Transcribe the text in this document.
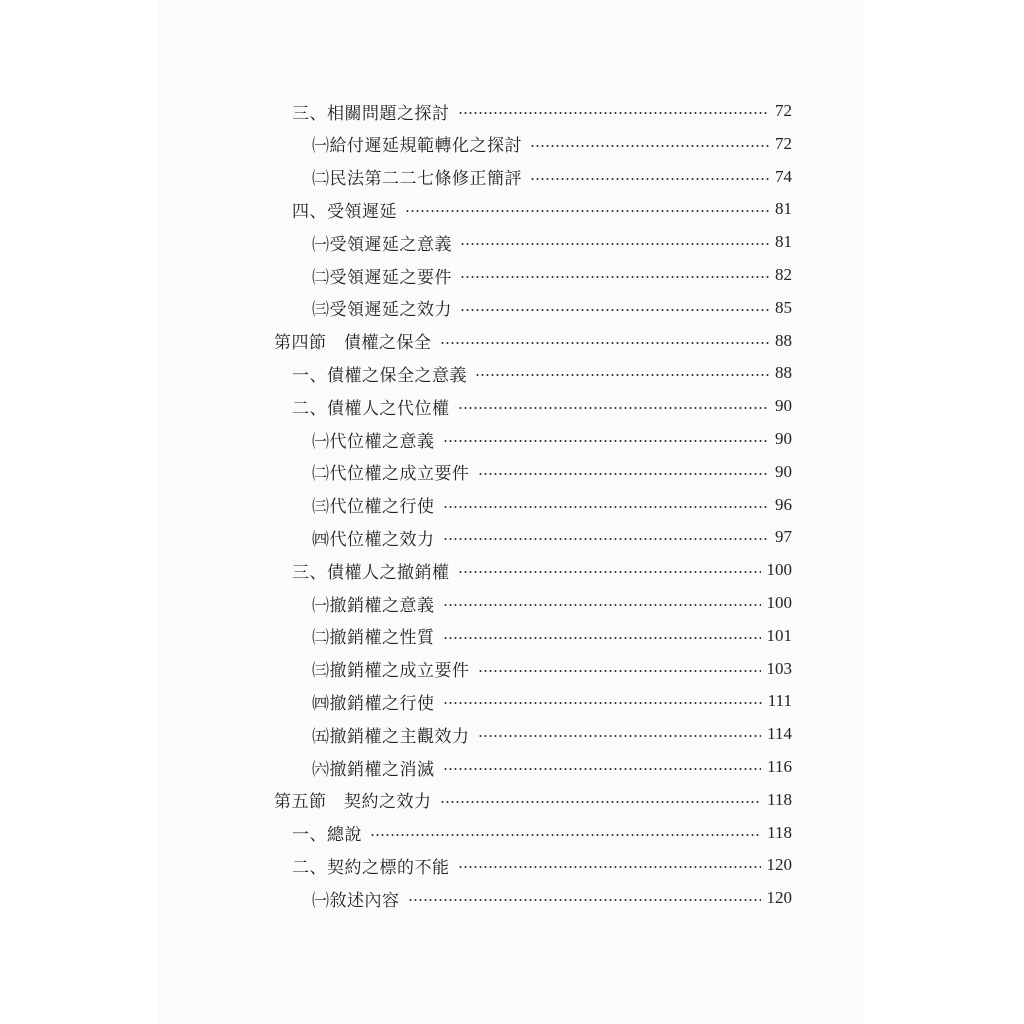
三、相關問題之探討	72
㈠給付遲延規範轉化之探討	72
㈡民法第二二七條修正簡評	74
四、受領遲延	81
㈠受領遲延之意義	81
㈡受領遲延之要件	82
㈢受領遲延之效力	85
第四節　債權之保全	88
一、債權之保全之意義	88
二、債權人之代位權	90
㈠代位權之意義	90
㈡代位權之成立要件	90
㈢代位權之行使	96
㈣代位權之效力	97
三、債權人之撤銷權	100
㈠撤銷權之意義	100
㈡撤銷權之性質	101
㈢撤銷權之成立要件	103
㈣撤銷權之行使	111
㈤撤銷權之主觀效力	114
㈥撤銷權之消滅	116
第五節　契約之效力	118
一、總說	118
二、契約之標的不能	120
㈠敘述內容	120
